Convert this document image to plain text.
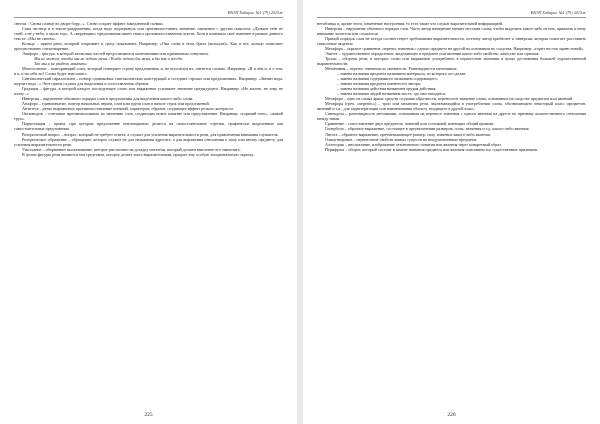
ВАЭП Хабарш. №1 (79) 2015ж

снегом. / Снова солнце во дворе бору...». Слово создает эффект замедленной съемки.

Сама частица и в тексте-раздражении, когда надо подчеркнуть или противопоставить значение, связанное с другим смыслом: «Дальше тебе не смей, а не у неба, а около гор». А «верующих» предложения имеет смысл противопоставления чувств. Хотя и поменяла своё значение в рамках данного текста: «Мы не смеем».

Кольцо – прием речи, который открывает и сразу показывает. Например: «Она слова в ночь брала (кольцом)». Как и все, кольцо позволяет прочувствовать стихотворение.

Эпифора – фигура, в которой несколько частей представляются окончаниями или одинаковым созвучием.

Мы не можем, чтобы мы не ждали меня. / Когда ждали бы меня, я бы как и всегда.

Так мы и не увидели момента.

Многосоюзие – повторяющий союз, который повторяет строку предложения, и, не используя их, читается сложно. Например: «И в чём и, и о том, и я, и на себя ли? Слова будут нам шанс».

Синтаксический параллелизм – повтор одинаковых синтаксических конструкций в соседних строках или предложениях. Например: «Звенит вода, журчит вода...» Этот прием служит для выделения и сопоставления образов.

Градация – фигура, в которой каждое последующее слово или выражение усиливает значение предыдущего. Например: «Не жалею, не зову, не плачу...»

Инверсия – нарушение обычного порядка слов в предложении для выделения какого-либо слова.

Анафора – единоначатие, повтор начальных звуков, слов или групп слов в начале строк или предложений.

Антитеза – резко выраженное противопоставление понятий, характеров, образов, создающее эффект резкого контраста.

Оксюморон – сочетание противоположных по значению слов, создающих новое понятие или представление. Например: «горячий снег», «живой труп».

Парцелляция – прием, при котором предложение интонационно делится на самостоятельные отрезки, графически выделенные как самостоятельные предложения.

Риторический вопрос – вопрос, который не требует ответа, а служит для усиления выразительности речи, для привлечения внимания слушателя.

Риторическое обращение – обращение, которое служит не для называния адресата, а для выражения отношения к тому или иному предмету, для усиления выразительности речи.

Умолчание – оборванное высказывание, которое рассчитано на догадку читателя, который должен мысленно его закончить.

В целом фигуры речи являются тем средством, которое делает текст выразительным, придает ему особую эмоциональную окраску.

225
ВАЭП Хабарш. №1 (79) 2015ж

нетаблицы и, кроме этого, изменение настроения, то есть такие что служат выразительной информацией.

Инверсия – нарушение обычного порядка слов. Часто автор намеренно меняет местами слова, чтобы выделить какое-либо из них, привлечь к нему внимание читателя или слушателя.

Прямой порядок слов не всегда соответствует требованиям выразительности, поэтому автор прибегает к инверсии, которая помогает расставить смысловые акценты.

Метафора – скрытое сравнение, перенос значения с одного предмета на другой на основании их сходства. Например: «горит восток зарею новой».

Эпитет – художественное определение, выделяющее в предмете или явлении какое-либо свойство, качество или признак.

Тропы – обороты речи, в которых слово или выражение употреблено в переносном значении в целях достижения большей художественной выразительности.

Метонимия – перенос значения по смежности. Разновидности метонимии:

– замена названия предмета названием материала, из которого он сделан;

– замена названия содержимого названием содержащего;

– замена названия предмета именем его автора;

– замена названия действия названием орудия действия;

– замена названия людей названием места, где они находятся.

Метафора – одно из самых ярких средств создания образности, переносное значение слова, основанное на сходстве предметов или явлений.

Метафора (греч. «перенос») – троп или механизм речи, заключающийся в употреблении слова, обозначающего некоторый класс предметов, явлений и т.п., для характеризации или наименования объекта, входящего в другой класс.

Синекдоха – разновидность метонимии, основанная на переносе значения с одного явления на другое по признаку количественного отношения между ними.

Сравнение – сопоставление двух предметов, понятий или состояний, имеющих общий признак.

Гипербола – образное выражение, состоящее в преувеличении размеров, силы, значения и т.д. какого-либо явления.

Литота – образное выражение, преуменьшающее размер, силу, значение какого-либо явления.

Олицетворение – перенесение свойств живых существ на неодушевленные предметы.

Аллегория – иносказание, изображение отвлеченного понятия или явления через конкретный образ.

Перифраза – оборот, который состоит в замене названия предмета или явления описанием его существенных признаков.

226
